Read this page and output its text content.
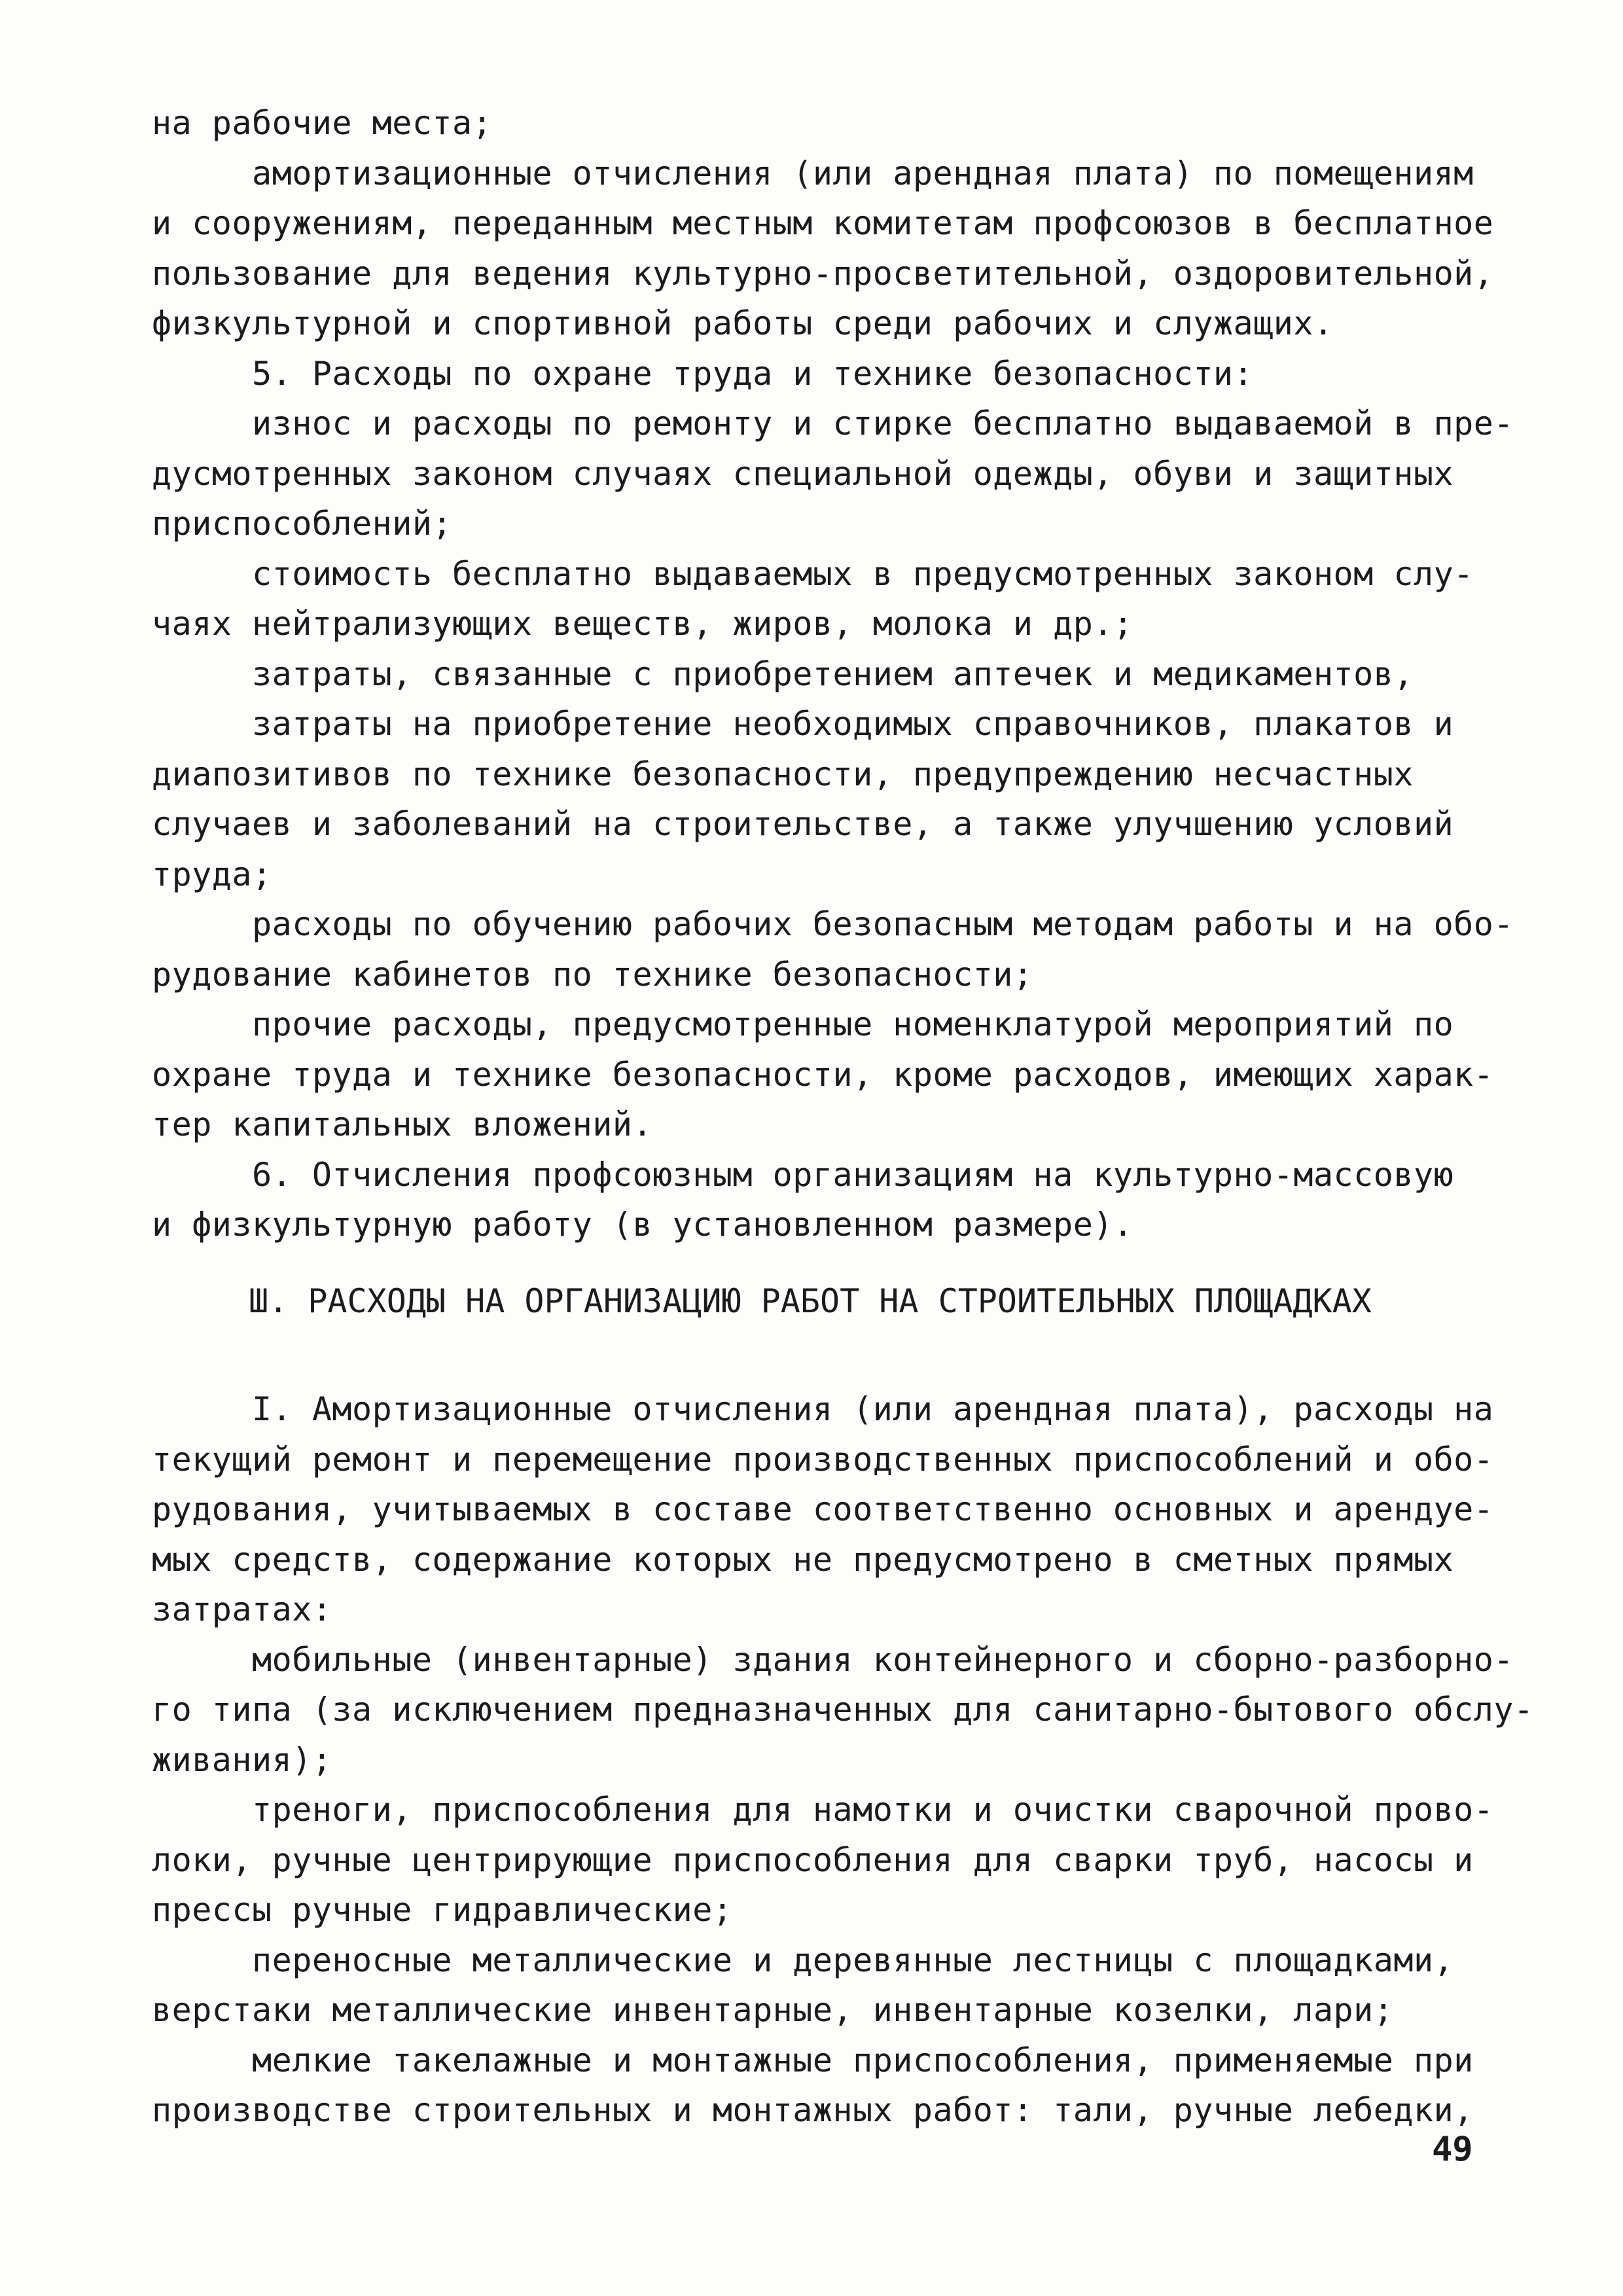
на рабочие места;
амортизационные отчисления (или арендная плата) по помещениям
и сооружениям, переданным местным комитетам профсоюзов в бесплатное
пользование для ведения культурно-просветительной, оздоровительной,
физкультурной и спортивной работы среди рабочих и служащих.
5. Расходы по охране труда и технике безопасности:
износ и расходы по ремонту и стирке бесплатно выдаваемой в пре-
дусмотренных законом случаях специальной одежды, обуви и защитных
приспособлений;
стоимость бесплатно выдаваемых в предусмотренных законом слу-
чаях нейтрализующих веществ, жиров, молока и др.;
затраты, связанные с приобретением аптечек и медикаментов,
затраты на приобретение необходимых справочников, плакатов и
диапозитивов по технике безопасности, предупреждению несчастных
случаев и заболеваний на строительстве, а также улучшению условий
труда;
расходы по обучению рабочих безопасным методам работы и на обо-
рудование кабинетов по технике безопасности;
прочие расходы, предусмотренные номенклатурой мероприятий по
охране труда и технике безопасности, кроме расходов, имеющих харак-
тер капитальных вложений.
6. Отчисления профсоюзным организациям на культурно-массовую
и физкультурную работу (в установленном размере).
Ш. РАСХОДЫ НА ОРГАНИЗАЦИЮ РАБОТ НА СТРОИТЕЛЬНЫХ ПЛОЩАДКАХ
I. Амортизационные отчисления (или арендная плата), расходы на
текущий ремонт и перемещение производственных приспособлений и обо-
рудования, учитываемых в составе соответственно основных и арендуе-
мых средств, содержание которых не предусмотрено в сметных прямых
затратах:
мобильные (инвентарные) здания контейнерного и сборно-разборно-
го типа (за исключением предназначенных для санитарно-бытового обслу-
живания);
треноги, приспособления для намотки и очистки сварочной прово-
локи, ручные центрирующие приспособления для сварки труб, насосы и
прессы ручные гидравлические;
переносные металлические и деревянные лестницы с площадками,
верстаки металлические инвентарные, инвентарные козелки, лари;
мелкие такелажные и монтажные приспособления, применяемые при
производстве строительных и монтажных работ: тали, ручные лебедки,
49
